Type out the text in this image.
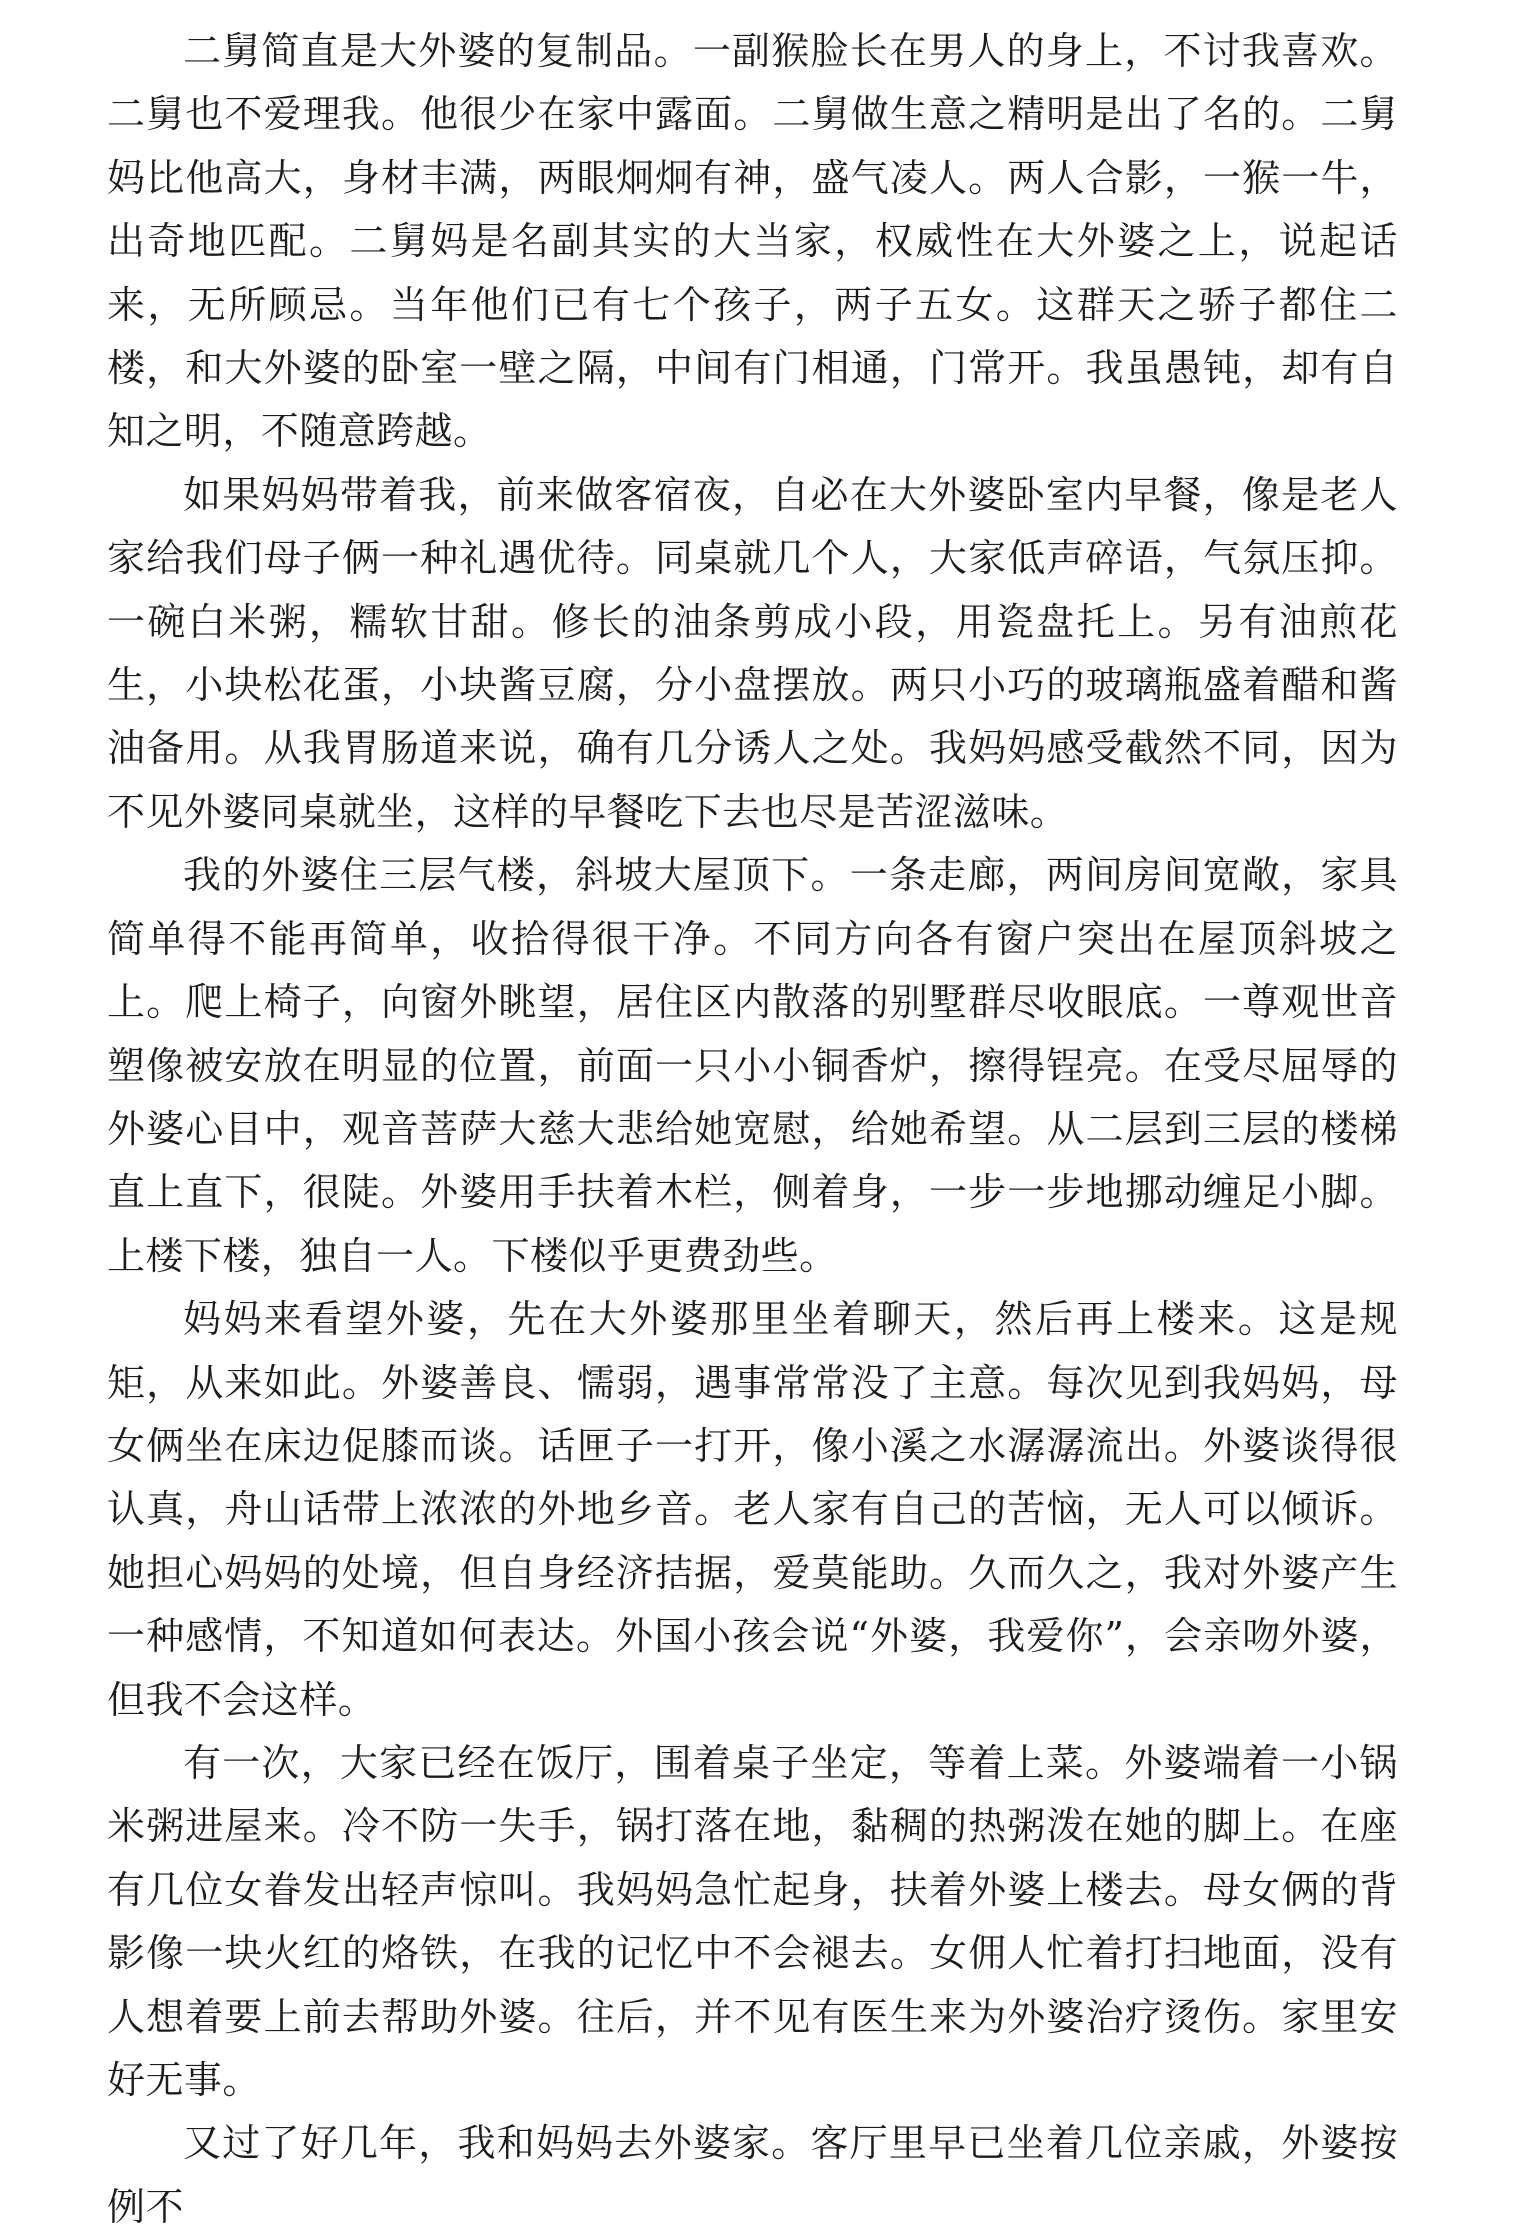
二舅简直是大外婆的复制品。一副猴脸长在男人的身上，不讨我喜欢。二舅也不爱理我。他很少在家中露面。二舅做生意之精明是出了名的。二舅妈比他高大，身材丰满，两眼炯炯有神，盛气凌人。两人合影，一猴一牛，出奇地匹配。二舅妈是名副其实的大当家，权威性在大外婆之上，说起话来，无所顾忌。当年他们已有七个孩子，两子五女。这群天之骄子都住二楼，和大外婆的卧室一壁之隔，中间有门相通，门常开。我虽愚钝，却有自知之明，不随意跨越。

如果妈妈带着我，前来做客宿夜，自必在大外婆卧室内早餐，像是老人家给我们母子俩一种礼遇优待。同桌就几个人，大家低声碎语，气氛压抑。一碗白米粥，糯软甘甜。修长的油条剪成小段，用瓷盘托上。另有油煎花生，小块松花蛋，小块酱豆腐，分小盘摆放。两只小巧的玻璃瓶盛着醋和酱油备用。从我胃肠道来说，确有几分诱人之处。我妈妈感受截然不同，因为不见外婆同桌就坐，这样的早餐吃下去也尽是苦涩滋味。

我的外婆住三层气楼，斜坡大屋顶下。一条走廊，两间房间宽敞，家具简单得不能再简单，收拾得很干净。不同方向各有窗户突出在屋顶斜坡之上。爬上椅子，向窗外眺望，居住区内散落的别墅群尽收眼底。一尊观世音塑像被安放在明显的位置，前面一只小小铜香炉，擦得锃亮。在受尽屈辱的外婆心目中，观音菩萨大慈大悲给她宽慰，给她希望。从二层到三层的楼梯直上直下，很陡。外婆用手扶着木栏，侧着身，一步一步地挪动缠足小脚。上楼下楼，独自一人。下楼似乎更费劲些。

妈妈来看望外婆，先在大外婆那里坐着聊天，然后再上楼来。这是规矩，从来如此。外婆善良、懦弱，遇事常常没了主意。每次见到我妈妈，母女俩坐在床边促膝而谈。话匣子一打开，像小溪之水潺潺流出。外婆谈得很认真，舟山话带上浓浓的外地乡音。老人家有自己的苦恼，无人可以倾诉。她担心妈妈的处境，但自身经济拮据，爱莫能助。久而久之，我对外婆产生一种感情，不知道如何表达。外国小孩会说“外婆，我爱你”，会亲吻外婆，但我不会这样。

有一次，大家已经在饭厅，围着桌子坐定，等着上菜。外婆端着一小锅米粥进屋来。冷不防一失手，锅打落在地，黏稠的热粥泼在她的脚上。在座有几位女眷发出轻声惊叫。我妈妈急忙起身，扶着外婆上楼去。母女俩的背影像一块火红的烙铁，在我的记忆中不会褪去。女佣人忙着打扫地面，没有人想着要上前去帮助外婆。往后，并不见有医生来为外婆治疗烫伤。家里安好无事。

又过了好几年，我和妈妈去外婆家。客厅里早已坐着几位亲戚，外婆按例不
